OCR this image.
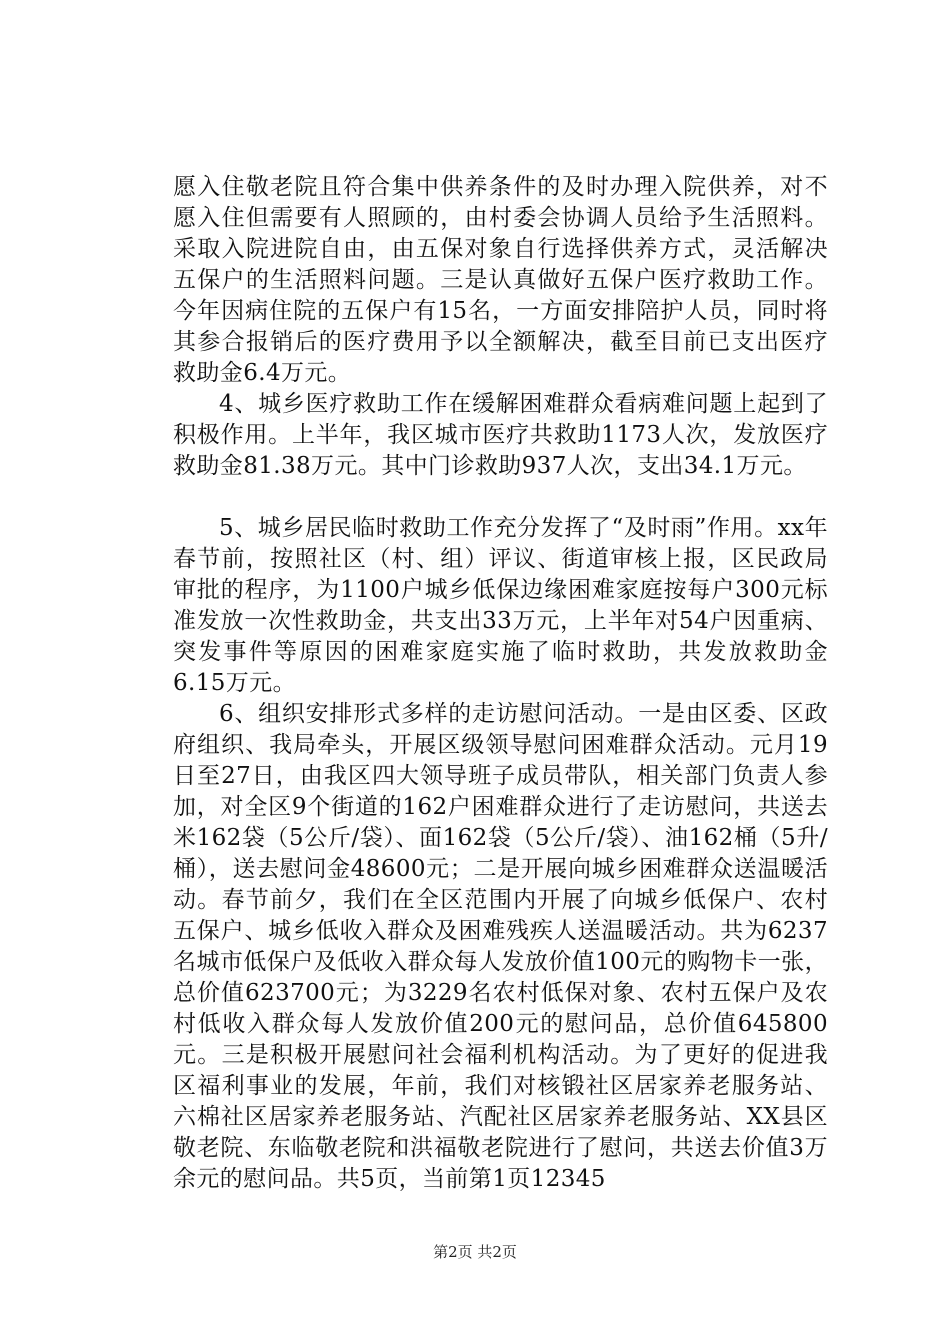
愿入住敬老院且符合集中供养条件的及时办理入院供养，对不愿入住但需要有人照顾的，由村委会协调人员给予生活照料。采取入院进院自由，由五保对象自行选择供养方式，灵活解决五保户的生活照料问题。三是认真做好五保户医疗救助工作。今年因病住院的五保户有15名，一方面安排陪护人员，同时将其参合报销后的医疗费用予以全额解决，截至目前已支出医疗救助金6.4万元。

4、城乡医疗救助工作在缓解困难群众看病难问题上起到了积极作用。上半年，我区城市医疗共救助1173人次，发放医疗救助金81.38万元。其中门诊救助937人次，支出34.1万元。

5、城乡居民临时救助工作充分发挥了“及时雨”作用。xx年春节前，按照社区（村、组）评议、街道审核上报，区民政局审批的程序，为1100户城乡低保边缘困难家庭按每户300元标准发放一次性救助金，共支出33万元，上半年对54户因重病、突发事件等原因的困难家庭实施了临时救助，共发放救助金6.15万元。

6、组织安排形式多样的走访慰问活动。一是由区委、区政府组织、我局牵头，开展区级领导慰问困难群众活动。元月19日至27日，由我区四大领导班子成员带队，相关部门负责人参加，对全区9个街道的162户困难群众进行了走访慰问，共送去米162袋（5公斤/袋）、面162袋（5公斤/袋）、油162桶（5升/桶），送去慰问金48600元；二是开展向城乡困难群众送温暖活动。春节前夕，我们在全区范围内开展了向城乡低保户、农村五保户、城乡低收入群众及困难残疾人送温暖活动。共为6237名城市低保户及低收入群众每人发放价值100元的购物卡一张，总价值623700元；为3229名农村低保对象、农村五保户及农村低收入群众每人发放价值200元的慰问品，总价值645800元。三是积极开展慰问社会福利机构活动。为了更好的促进我区福利事业的发展，年前，我们对核锻社区居家养老服务站、六棉社区居家养老服务站、汽配社区居家养老服务站、XX县区敬老院、东临敬老院和洪福敬老院进行了慰问，共送去价值3万余元的慰问品。共5页，当前第1页12345

第2页 共2页
